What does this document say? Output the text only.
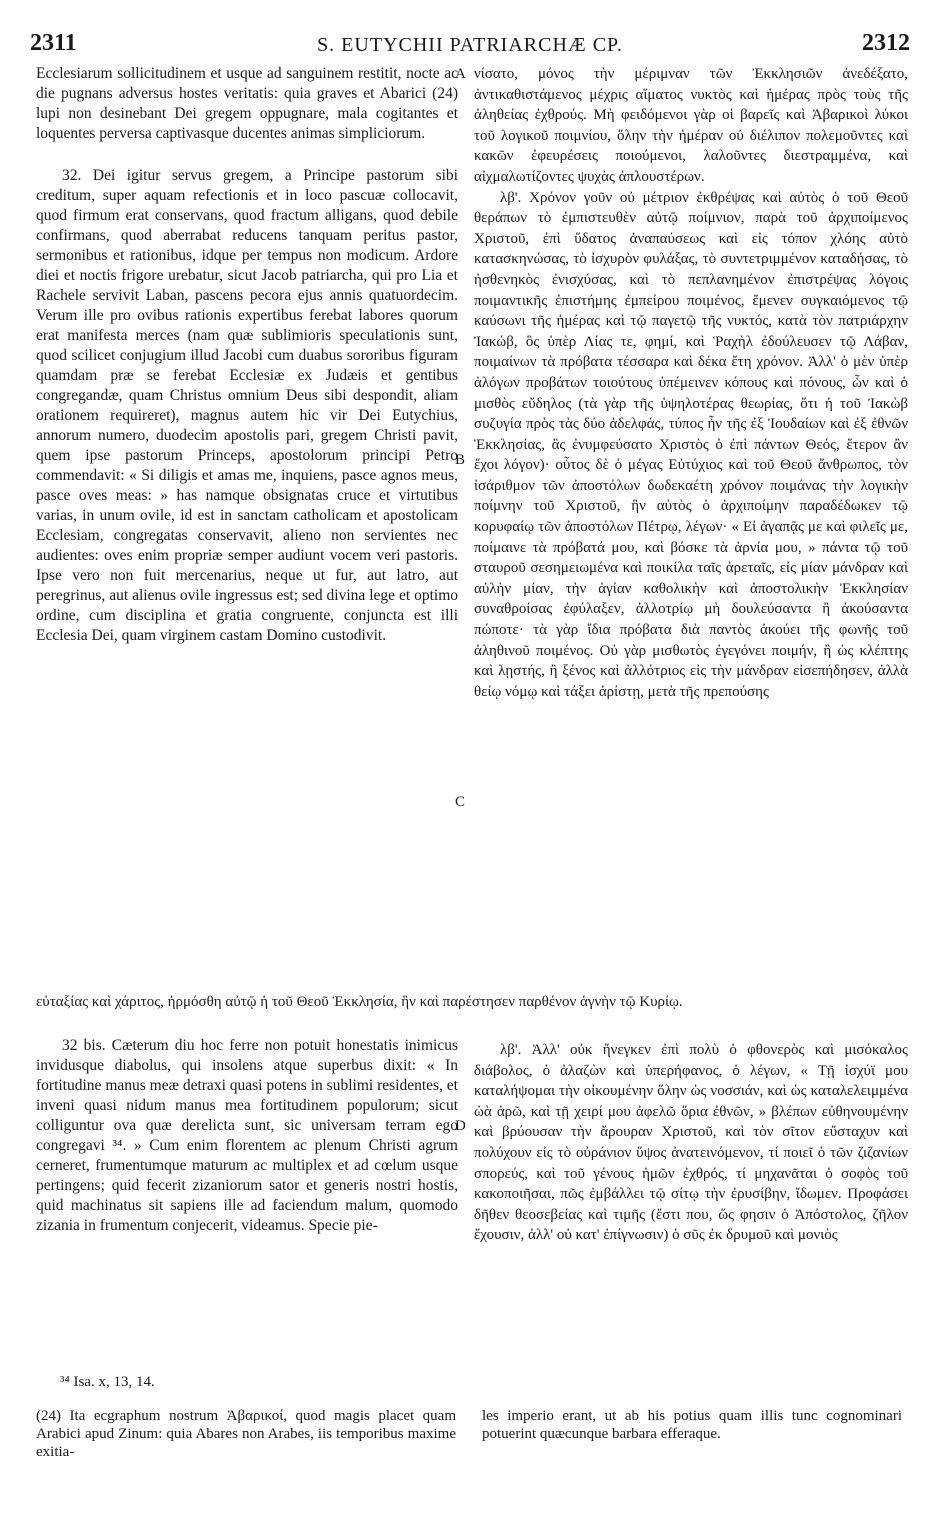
2311	S. EUTYCHII PATRIARCHÆ CP.	2312

Ecclesiarum sollicitudinem et usque ad sanguinem restitit, nocte ac die pugnans adversus hostes veritatis: quia graves et Abarici (24) lupi non desinebant Dei gregem oppugnare, mala cogitantes et loquentes perversa captivasque ducentes animas simpliciorum.

32. Dei igitur servus gregem, a Principe pastorum sibi creditum, super aquam refectionis et in loco pascuæ collocavit, quod firmum erat conservans, quod fractum alligans, quod debile confirmans, quod aberrabat reducens tanquam peritus pastor, sermonibus et rationibus, idque per tempus non modicum. Ardore diei et noctis frigore urebatur, sicut Jacob patriarcha, qui pro Lia et Rachele servivit Laban, pascens pecora ejus annis quatuordecim. Verum ille pro ovibus rationis expertibus ferebat labores quorum erat manifesta merces (nam quæ sublimioris speculationis sunt, quod scilicet conjugium illud Jacobi cum duabus sororibus figuram quamdam præ se ferebat Ecclesiæ ex Judæis et gentibus congregandæ, quam Christus omnium Deus sibi despondit, aliam orationem requireret), magnus autem hic vir Dei Eutychius, annorum numero, duodecim apostolis pari, gregem Christi pavit, quem ipse pastorum Princeps, apostolorum principi Petro commendavit: « Si diligis et amas me, inquiens, pasce agnos meus, pasce oves meas: » has namque obsignatas cruce et virtutibus varias, in unum ovile, id est in sanctam catholicam et apostolicam Ecclesiam, congregatas conservavit, alieno non servientes nec audientes: oves enim propriæ semper audiunt vocem veri pastoris. Ipse vero non fuit mercenarius, neque ut fur, aut latro, aut peregrinus, aut alienus ovile ingressus est; sed divina lege et optimo ordine, cum disciplina et gratia congruente, conjuncta est illi Ecclesia Dei, quam virginem castam Domino custodivit.

νίσατο, μόνος τὴν μέριμναν τῶν Ἐκκλησιῶν ἀνεδέξατο, ἀντικαθιστάμενος μέχρις αἵματος νυκτὸς καὶ ἡμέρας πρὸς τοὺς τῆς ἀληθείας ἐχθρούς. Μὴ φειδόμενοι γὰρ οἱ βαρεῖς καὶ Ἀβαρικοὶ λύκοι τοῦ λογικοῦ ποιμνίου, ὅλην τὴν ἡμέραν οὐ διέλιπον πολεμοῦντες καὶ κακῶν ἐφευρέσεις ποιούμενοι, λαλοῦντες διεστραμμένα, καὶ αἰχμαλωτίζοντες ψυχὰς ἁπλουστέρων.

λβ'. Χρόνον γοῦν οὐ μέτριον ἐκθρέψας καὶ αὐτὸς ὁ τοῦ Θεοῦ θεράπων τὸ ἐμπιστευθὲν αὐτῷ ποίμνιον, παρὰ τοῦ ἀρχιποίμενος Χριστοῦ, ἐπὶ ὕδατος ἀναπαύσεως καὶ εἰς τόπον χλόης αὐτὸ κατασκηνώσας, τὸ ἰσχυρὸν φυλάξας, τὸ συντετριμμένον καταδήσας, τὸ ἠσθενηκὸς ἐνισχύσας, καὶ τὸ πεπλανημένον ἐπιστρέψας λόγοις ποιμαντικῆς ἐπιστήμης ἐμπείρου ποιμένος, ἔμενεν συγκαιόμενος τῷ καύσωνι τῆς ἡμέρας καὶ τῷ παγετῷ τῆς νυκτός, κατὰ τὸν πατριάρχην Ἰακώβ, ὃς ὑπὲρ Λίας τε, φημί, καὶ Ῥαχὴλ ἐδούλευσεν τῷ Λάβαν, ποιμαίνων τὰ πρόβατα τέσσαρα καὶ δέκα ἔτη χρόνον. Ἀλλ' ὁ μὲν ὑπὲρ ἀλόγων προβάτων τοιούτους ὑπέμεινεν κόπους καὶ πόνους, ὧν καὶ ὁ μισθὸς εὔδηλος (τὰ γὰρ τῆς ὑψηλοτέρας θεωρίας, ὅτι ἡ τοῦ Ἰακὼβ συζυγία πρὸς τὰς δύο ἀδελφάς, τύπος ἦν τῆς ἐξ Ἰουδαίων καὶ ἐξ ἐθνῶν Ἐκκλησίας, ἃς ἐνυμφεύσατο Χριστὸς ὁ ἐπὶ πάντων Θεός, ἕτερον ἂν ἔχοι λόγον)· οὗτος δὲ ὁ μέγας Εὐτύχιος καὶ τοῦ Θεοῦ ἄνθρωπος, τὸν ἰσάριθμον τῶν ἀποστόλων δωδεκαέτη χρόνον ποιμάνας τὴν λογικὴν ποίμνην τοῦ Χριστοῦ, ἣν αὐτὸς ὁ ἀρχιποίμην παραδέδωκεν τῷ κορυφαίῳ τῶν ἀποστόλων Πέτρῳ, λέγων· « Εἰ ἀγαπᾷς με καὶ φιλεῖς με, ποίμαινε τὰ πρόβατά μου, καὶ βόσκε τὰ ἀρνία μου, » πάντα τῷ τοῦ σταυροῦ σεσημειωμένα καὶ ποικίλα ταῖς ἀρεταῖς, εἰς μίαν μάνδραν καὶ αὐλὴν μίαν, τὴν ἁγίαν καθολικὴν καὶ ἀποστολικὴν Ἐκκλησίαν συναθροίσας ἐφύλαξεν, ἀλλοτρίῳ μὴ δουλεύσαντα ἢ ἀκούσαντα πώποτε· τὰ γὰρ ἴδια πρόβατα διὰ παντὸς ἀκούει τῆς φωνῆς τοῦ ἀληθινοῦ ποιμένος. Οὐ γὰρ μισθωτὸς ἐγεγόνει ποιμήν, ἢ ὡς κλέπτης καὶ λῃστής, ἢ ξένος καὶ ἀλλότριος εἰς τὴν μάνδραν εἰσεπήδησεν, ἀλλὰ θείῳ νόμῳ καὶ τάξει ἀρίστῃ, μετὰ τῆς πρεπούσης

A
B
C
D

εὐταξίας καὶ χάριτος, ἡρμόσθη αὐτῷ ἡ τοῦ Θεοῦ Ἐκκλησία, ἣν καὶ παρέστησεν παρθένον ἁγνὴν τῷ Κυρίῳ.

32 bis. Cæterum diu hoc ferre non potuit honestatis inimicus invidusque diabolus, qui insolens atque superbus dixit: « In fortitudine manus meæ detraxi quasi potens in sublimi residentes, et inveni quasi nidum manus mea fortitudinem populorum; sicut colliguntur ova quæ derelicta sunt, sic universam terram ego congregavi ³⁴. » Cum enim florentem ac plenum Christi agrum cerneret, frumentumque maturum ac multiplex et ad cœlum usque pertingens; quid fecerit zizaniorum sator et generis nostri hostis, quid machinatus sit sapiens ille ad faciendum malum, quomodo zizania in frumentum conjecerit, videamus. Specie pie-

λβ'. Ἀλλ' οὐκ ἤνεγκεν ἐπὶ πολὺ ὁ φθονερὸς καὶ μισόκαλος διάβολος, ὁ ἀλαζὼν καὶ ὑπερήφανος, ὁ λέγων, « Τῇ ἰσχύϊ μου καταλήψομαι τὴν οἰκουμένην ὅλην ὡς νοσσιάν, καὶ ὡς καταλελειμμένα ὠὰ ἀρῶ, καὶ τῇ χειρί μου ἀφελῶ ὅρια ἐθνῶν, » βλέπων εὐθηνουμένην καὶ βρύουσαν τὴν ἄρουραν Χριστοῦ, καὶ τὸν σῖτον εὔσταχυν καὶ πολύχουν εἰς τὸ οὐράνιον ὕψος ἀνατεινόμενον, τί ποιεῖ ὁ τῶν ζιζανίων σπορεύς, καὶ τοῦ γένους ἡμῶν ἐχθρός, τί μηχανᾶται ὁ σοφὸς τοῦ κακοποιῆσαι, πῶς ἐμβάλλει τῷ σίτῳ τὴν ἐρυσίβην, ἴδωμεν. Προφάσει δῆθεν θεοσεβείας καὶ τιμῆς (ἔστι που, ὥς φησιν ὁ Ἀπόστολος, ζῆλον ἔχουσιν, ἀλλ' οὐ κατ' ἐπίγνωσιν) ὁ σῦς ἐκ δρυμοῦ καὶ μονιὸς

³⁴ Isa. x, 13, 14.
(24) Ita ecgraphum nostrum Ἀβαρικοί, quod magis placet quam Arabici apud Zinum: quia Abares non Arabes, iis temporibus maxime exitia-
les imperio erant, ut ab his potius quam illis tunc cognominari potuerint quæcunque barbara efferaque.
